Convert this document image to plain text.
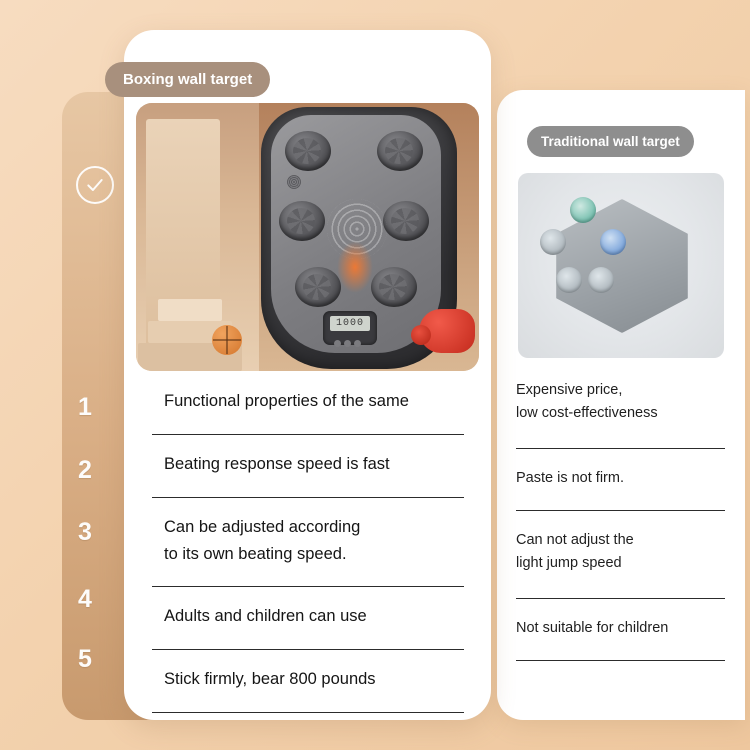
1
2
3
4
5
Traditional wall target
Expensive price,
low cost-effectiveness
Paste is not firm.
Can not adjust the
light jump speed
Not suitable for children
Boxing wall target
1000
Functional properties of the same
Beating response speed is fast
Can be adjusted according
to its own beating speed.
Adults and children can use
Stick firmly, bear 800 pounds
